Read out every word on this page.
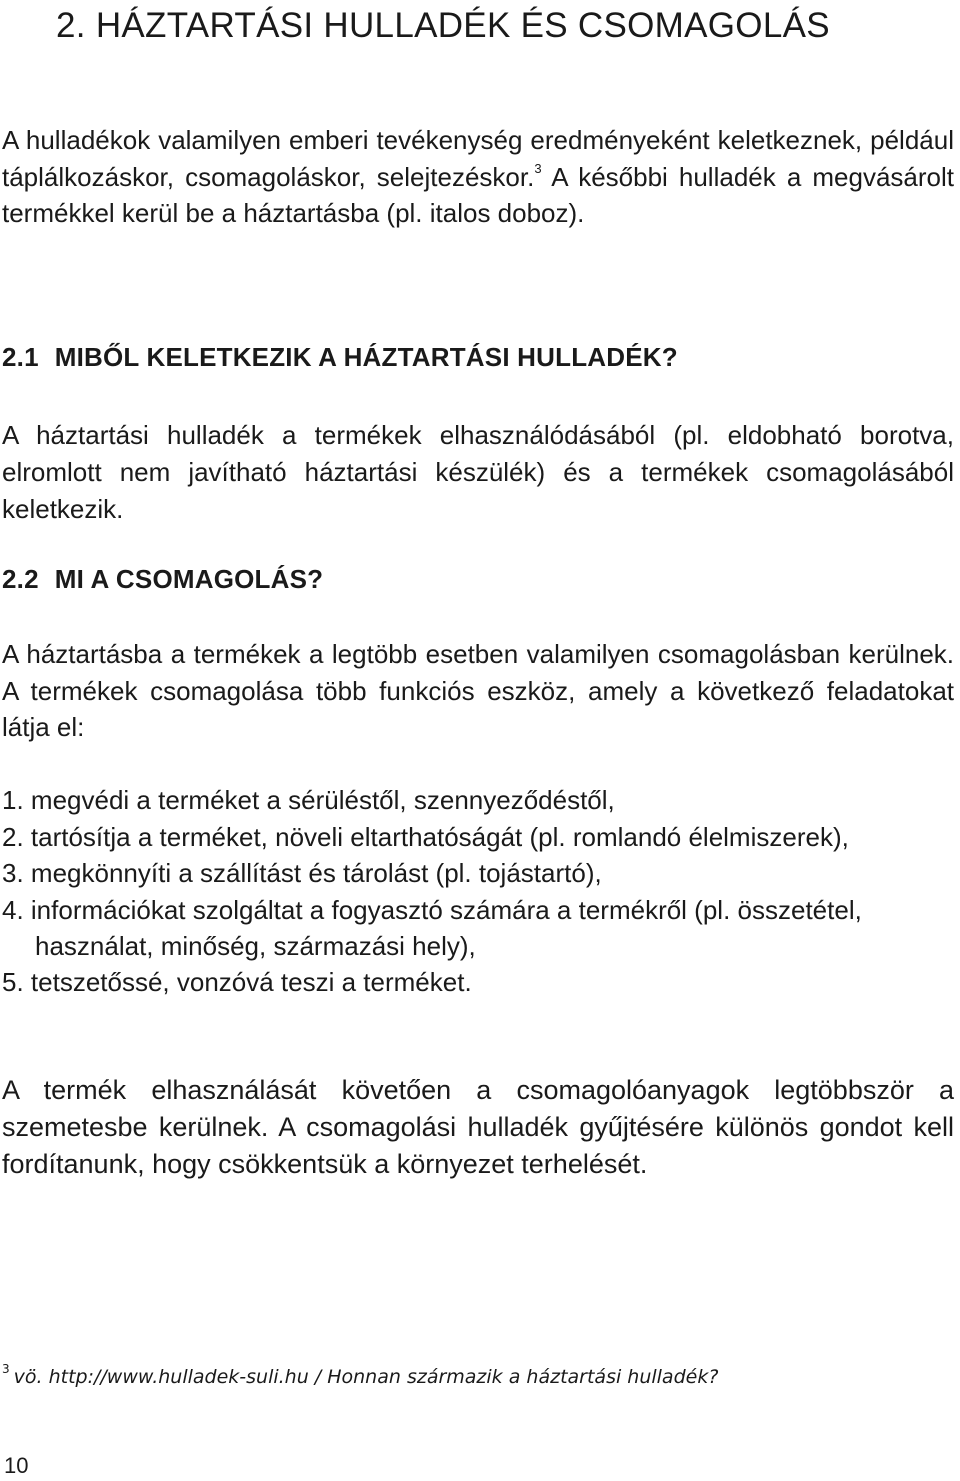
2. HÁZTARTÁSI HULLADÉK ÉS CSOMAGOLÁS

A hulladékok valamilyen emberi tevékenység eredményeként keletkeznek, például táplálkozáskor, csomagoláskor, selejtezéskor.$^3$ A későbbi hulladék a megvásárolt termékkel kerül be a háztartásba (pl. italos doboz).

2.1 MIBŐL KELETKEZIK A HÁZTARTÁSI HULLADÉK?

A háztartási hulladék a termékek elhasználódásából (pl. eldobható borotva, elromlott nem javítható háztartási készülék) és a termékek csomagolásából keletkezik.

2.2 MI A CSOMAGOLÁS?

A háztartásba a termékek a legtöbb esetben valamilyen csomagolásban kerülnek. A termékek csomagolása több funkciós eszköz, amely a következő feladatokat látja el:

1. megvédi a terméket a sérüléstől, szennyeződéstől,
2. tartósítja a terméket, növeli eltarthatóságát (pl. romlandó élelmiszerek),
3. megkönnyíti a szállítást és tárolást (pl. tojástartó),
4. információkat szolgáltat a fogyasztó számára a termékről (pl. összetétel, használat, minőség, származási hely),
5. tetszetőssé, vonzóvá teszi a terméket.

A termék elhasználását követően a csomagolóanyagok legtöbbször a szemetesbe kerülnek. A csomagolási hulladék gyűjtésére különös gondot kell fordítanunk, hogy csökkentsük a környezet terhelését.

$^3$ vö. http://www.hulladek-suli.hu / Honnan származik a háztartási hulladék?

10
